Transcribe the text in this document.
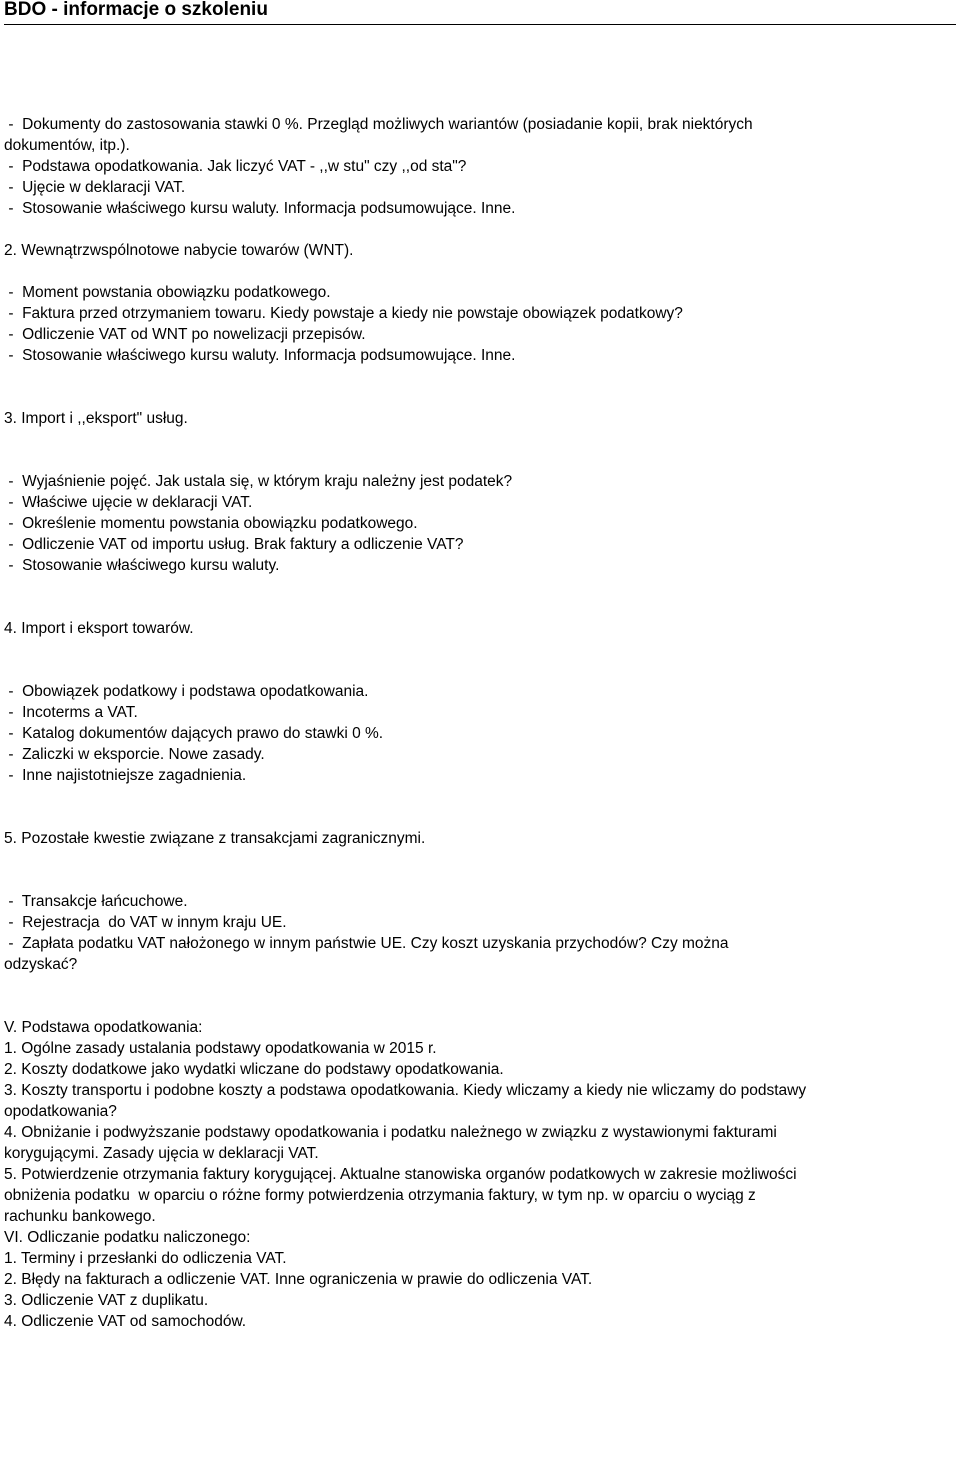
BDO - informacje o szkoleniu
-  Dokumenty do zastosowania stawki 0 %. Przegląd możliwych wariantów (posiadanie kopii, brak niektórych
dokumentów, itp.).
-  Podstawa opodatkowania. Jak liczyć VAT - ,,w stu" czy ,,od sta"?
-  Ujęcie w deklaracji VAT.
-  Stosowanie właściwego kursu waluty. Informacja podsumowujące. Inne.
2. Wewnątrzwspólnotowe nabycie towarów (WNT).
-  Moment powstania obowiązku podatkowego.
-  Faktura przed otrzymaniem towaru. Kiedy powstaje a kiedy nie powstaje obowiązek podatkowy?
-  Odliczenie VAT od WNT po nowelizacji przepisów.
-  Stosowanie właściwego kursu waluty. Informacja podsumowujące. Inne.
3. Import i ,,eksport" usług.
-  Wyjaśnienie pojęć. Jak ustala się, w którym kraju należny jest podatek?
-  Właściwe ujęcie w deklaracji VAT.
-  Określenie momentu powstania obowiązku podatkowego.
-  Odliczenie VAT od importu usług. Brak faktury a odliczenie VAT?
-  Stosowanie właściwego kursu waluty.
4. Import i eksport towarów.
-  Obowiązek podatkowy i podstawa opodatkowania.
-  Incoterms a VAT.
-  Katalog dokumentów dających prawo do stawki 0 %.
-  Zaliczki w eksporcie. Nowe zasady.
-  Inne najistotniejsze zagadnienia.
5. Pozostałe kwestie związane z transakcjami zagranicznymi.
-  Transakcje łańcuchowe.
-  Rejestracja  do VAT w innym kraju UE.
-  Zapłata podatku VAT nałożonego w innym państwie UE. Czy koszt uzyskania przychodów? Czy można
odzyskać?
V. Podstawa opodatkowania:
1. Ogólne zasady ustalania podstawy opodatkowania w 2015 r.
2. Koszty dodatkowe jako wydatki wliczane do podstawy opodatkowania.
3. Koszty transportu i podobne koszty a podstawa opodatkowania. Kiedy wliczamy a kiedy nie wliczamy do podstawy
opodatkowania?
4. Obniżanie i podwyższanie podstawy opodatkowania i podatku należnego w związku z wystawionymi fakturami
korygującymi. Zasady ujęcia w deklaracji VAT.
5. Potwierdzenie otrzymania faktury korygującej. Aktualne stanowiska organów podatkowych w zakresie możliwości
obniżenia podatku  w oparciu o różne formy potwierdzenia otrzymania faktury, w tym np. w oparciu o wyciąg z
rachunku bankowego.
VI. Odliczanie podatku naliczonego:
1. Terminy i przesłanki do odliczenia VAT.
2. Błędy na fakturach a odliczenie VAT. Inne ograniczenia w prawie do odliczenia VAT.
3. Odliczenie VAT z duplikatu.
4. Odliczenie VAT od samochodów.
